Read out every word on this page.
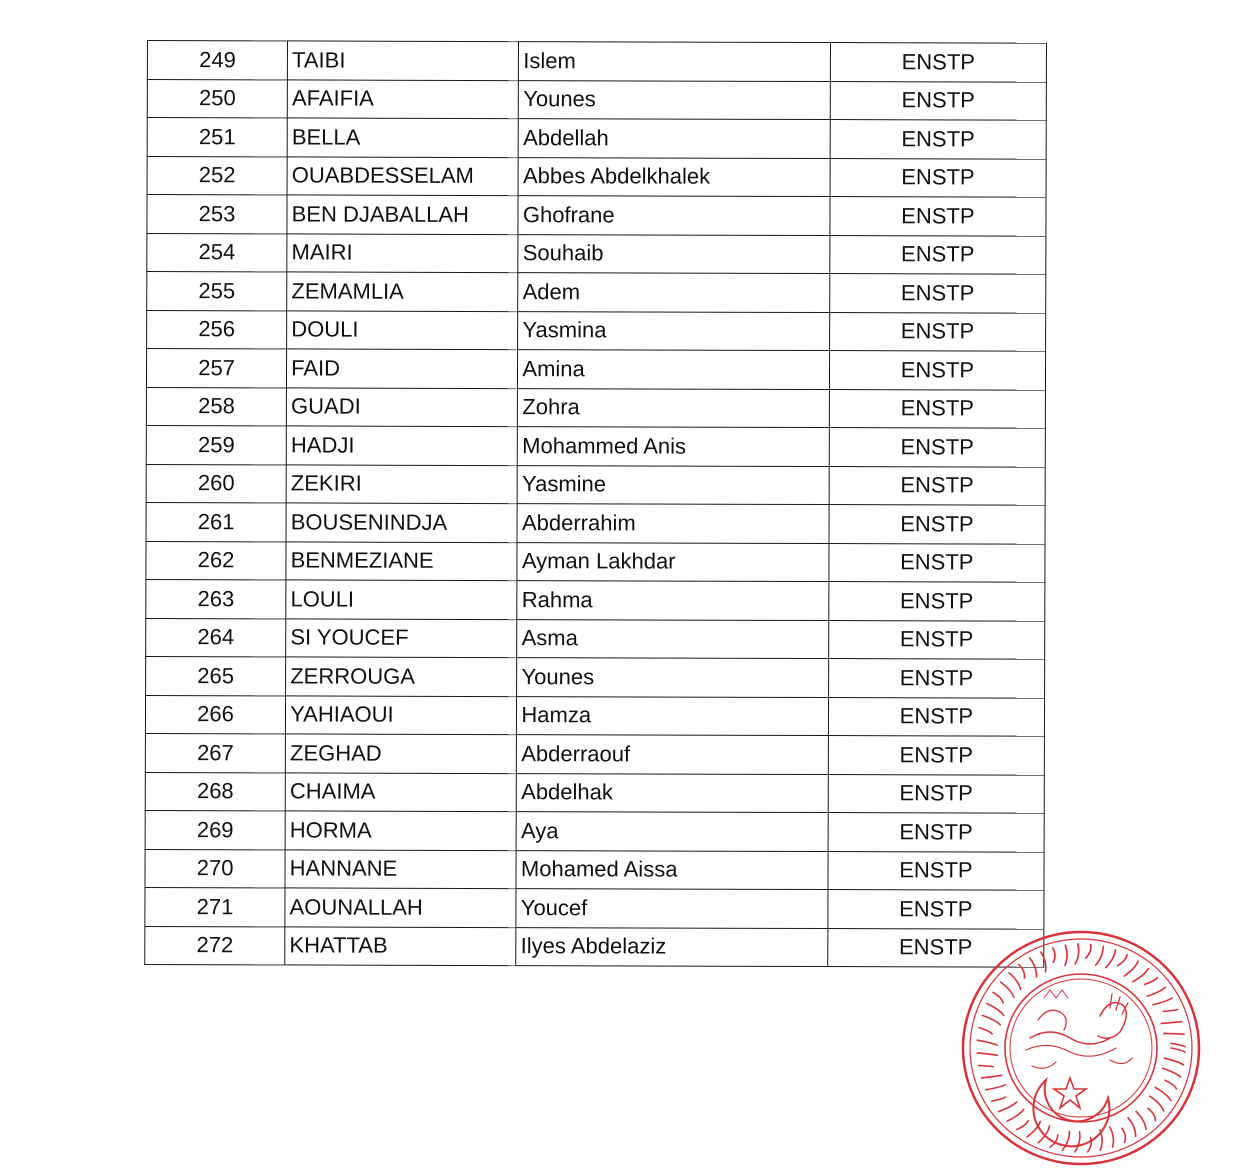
249	TAIBI	Islem	ENSTP
250	AFAIFIA	Younes	ENSTP
251	BELLA	Abdellah	ENSTP
252	OUABDESSELAM	Abbes Abdelkhalek	ENSTP
253	BEN DJABALLAH	Ghofrane	ENSTP
254	MAIRI	Souhaib	ENSTP
255	ZEMAMLIA	Adem	ENSTP
256	DOULI	Yasmina	ENSTP
257	FAID	Amina	ENSTP
258	GUADI	Zohra	ENSTP
259	HADJI	Mohammed Anis	ENSTP
260	ZEKIRI	Yasmine	ENSTP
261	BOUSENINDJA	Abderrahim	ENSTP
262	BENMEZIANE	Ayman Lakhdar	ENSTP
263	LOULI	Rahma	ENSTP
264	SI YOUCEF	Asma	ENSTP
265	ZERROUGA	Younes	ENSTP
266	YAHIAOUI	Hamza	ENSTP
267	ZEGHAD	Abderraouf	ENSTP
268	CHAIMA	Abdelhak	ENSTP
269	HORMA	Aya	ENSTP
270	HANNANE	Mohamed Aissa	ENSTP
271	AOUNALLAH	Youcef	ENSTP
272	KHATTAB	Ilyes Abdelaziz	ENSTP
